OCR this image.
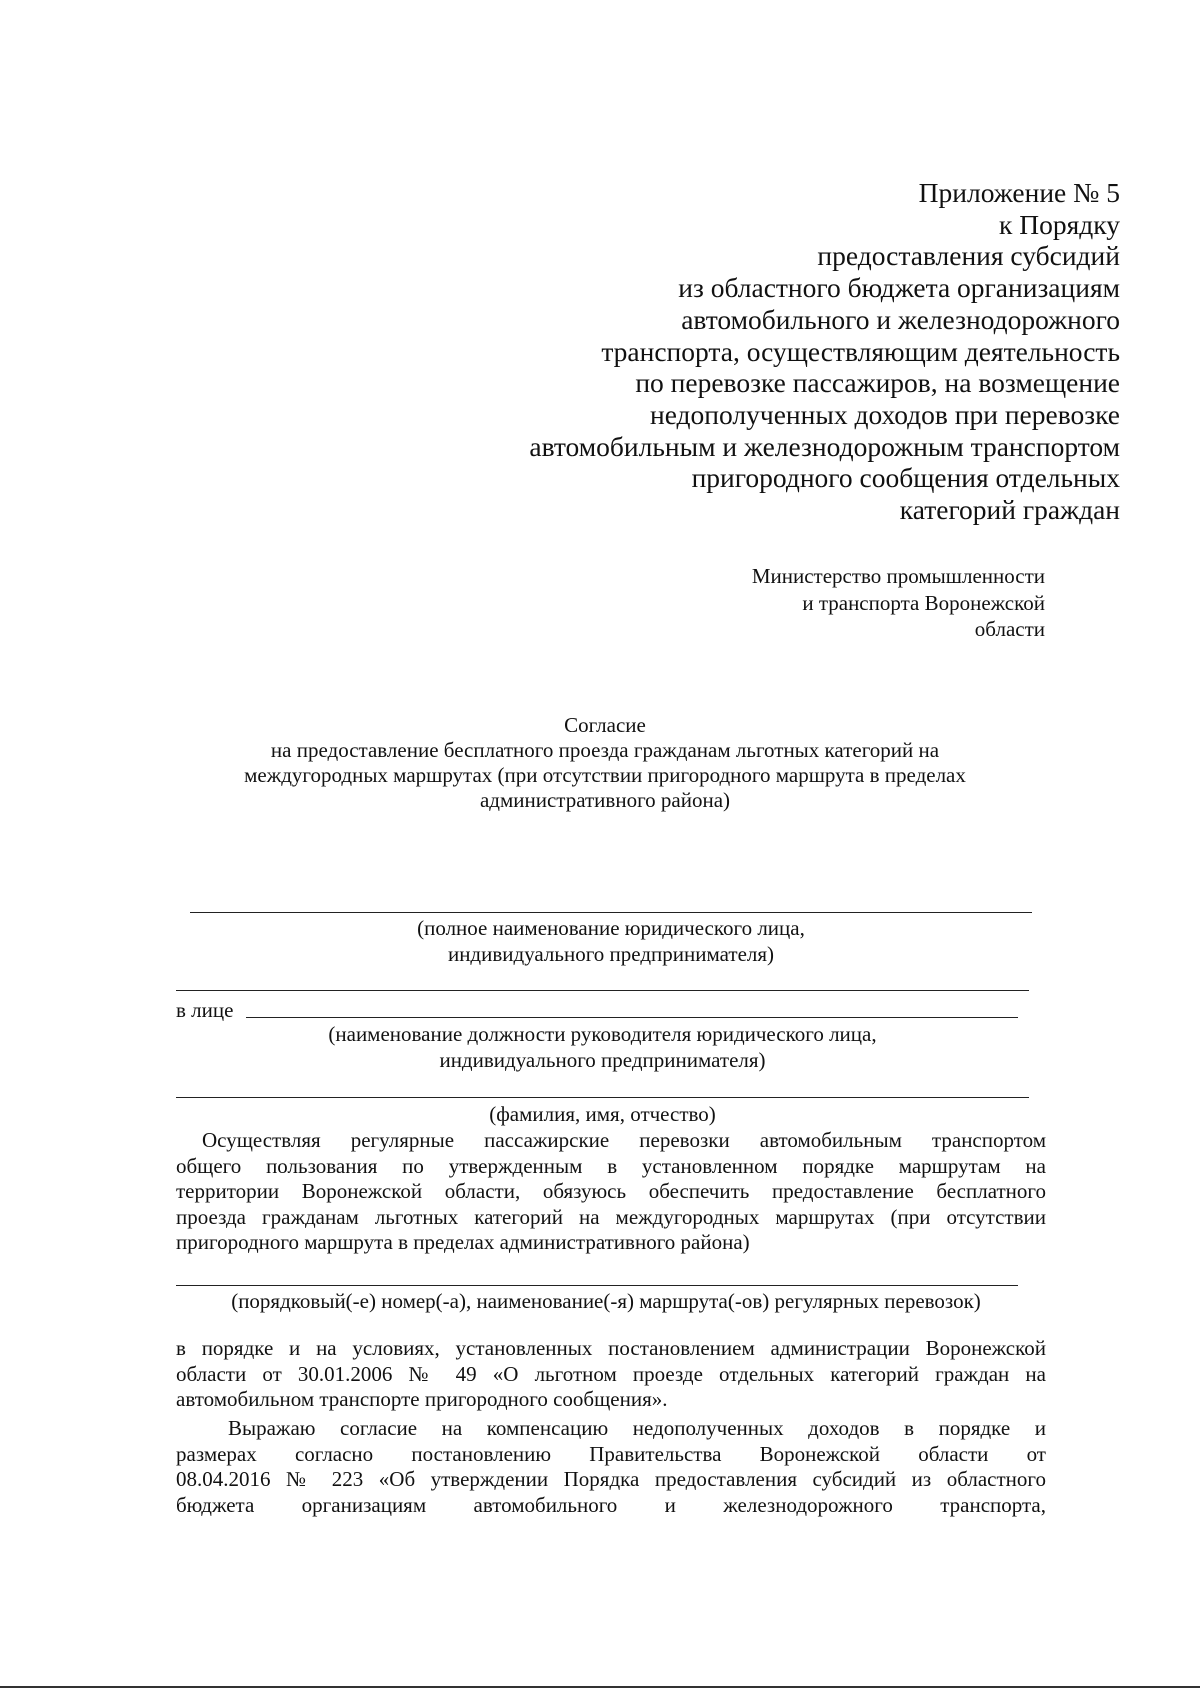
Приложение № 5
к Порядку
предоставления субсидий
из областного бюджета организациям
автомобильного и железнодорожного
транспорта, осуществляющим деятельность
по перевозке пассажиров, на возмещение
недополученных доходов при перевозке
автомобильным и железнодорожным транспортом
пригородного сообщения отдельных
категорий граждан
Министерство промышленности
и транспорта Воронежской
области
Согласие
на предоставление бесплатного проезда гражданам льготных категорий на
междугородных маршрутах (при отсутствии пригородного маршрута в пределах
административного района)
(полное наименование юридического лица,
индивидуального предпринимателя)
в лице
(наименование должности руководителя юридического лица,
индивидуального предпринимателя)
(фамилия, имя, отчество)
Осуществляя регулярные пассажирские перевозки автомобильным транспортом
общего пользования по утвержденным в установленном порядке маршрутам на
территории Воронежской области, обязуюсь обеспечить предоставление бесплатного
проезда гражданам льготных категорий на междугородных маршрутах (при отсутствии
пригородного маршрута в пределах административного района)
(порядковый(-е) номер(-а), наименование(-я) маршрута(-ов) регулярных перевозок)
в порядке и на условиях, установленных постановлением администрации Воронежской
области от 30.01.2006 № 49 «О льготном проезде отдельных категорий граждан на
автомобильном транспорте пригородного сообщения».
Выражаю согласие на компенсацию недополученных доходов в порядке и
размерах согласно постановлению Правительства Воронежской области от
08.04.2016 № 223 «Об утверждении Порядка предоставления субсидий из областного
бюджета организациям автомобильного и железнодорожного транспорта,
